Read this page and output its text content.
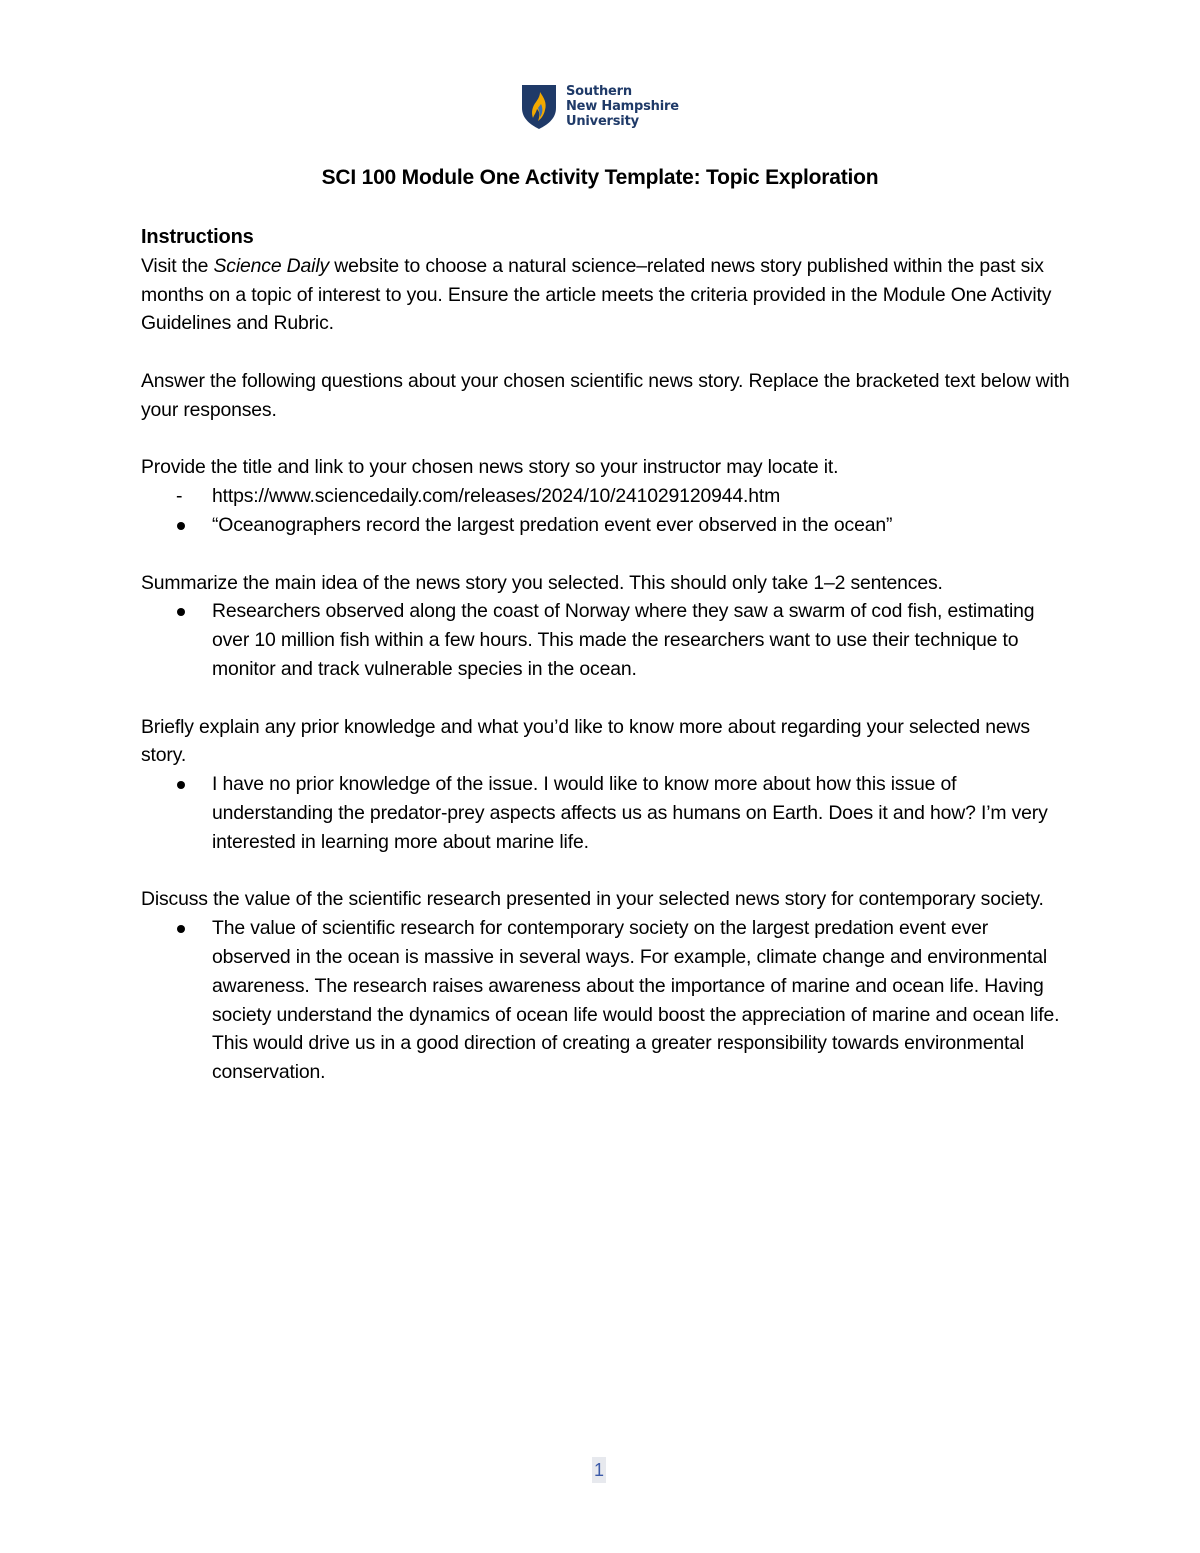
Southern
New Hampshire
University
SCI 100 Module One Activity Template: Topic Exploration

Instructions

Visit the Science Daily website to choose a natural science–related news story published within the past six months on a topic of interest to you. Ensure the article meets the criteria provided in the Module One Activity Guidelines and Rubric.

Answer the following questions about your chosen scientific news story. Replace the bracketed text below with your responses.

Provide the title and link to your chosen news story so your instructor may locate it.

- https://www.sciencedaily.com/releases/2024/10/241029120944.htm
“Oceanographers record the largest predation event ever observed in the ocean”

Summarize the main idea of the news story you selected. This should only take 1–2 sentences.

Researchers observed along the coast of Norway where they saw a swarm of cod fish, estimating over 10 million fish within a few hours. This made the researchers want to use their technique to monitor and track vulnerable species in the ocean.

Briefly explain any prior knowledge and what you’d like to know more about regarding your selected news story.

I have no prior knowledge of the issue. I would like to know more about how this issue of understanding the predator-prey aspects affects us as humans on Earth. Does it and how? I’m very interested in learning more about marine life.

Discuss the value of the scientific research presented in your selected news story for contemporary society.

The value of scientific research for contemporary society on the largest predation event ever observed in the ocean is massive in several ways. For example, climate change and environmental awareness. The research raises awareness about the importance of marine and ocean life. Having society understand the dynamics of ocean life would boost the appreciation of marine and ocean life. This would drive us in a good direction of creating a greater responsibility towards environmental conservation.
1
